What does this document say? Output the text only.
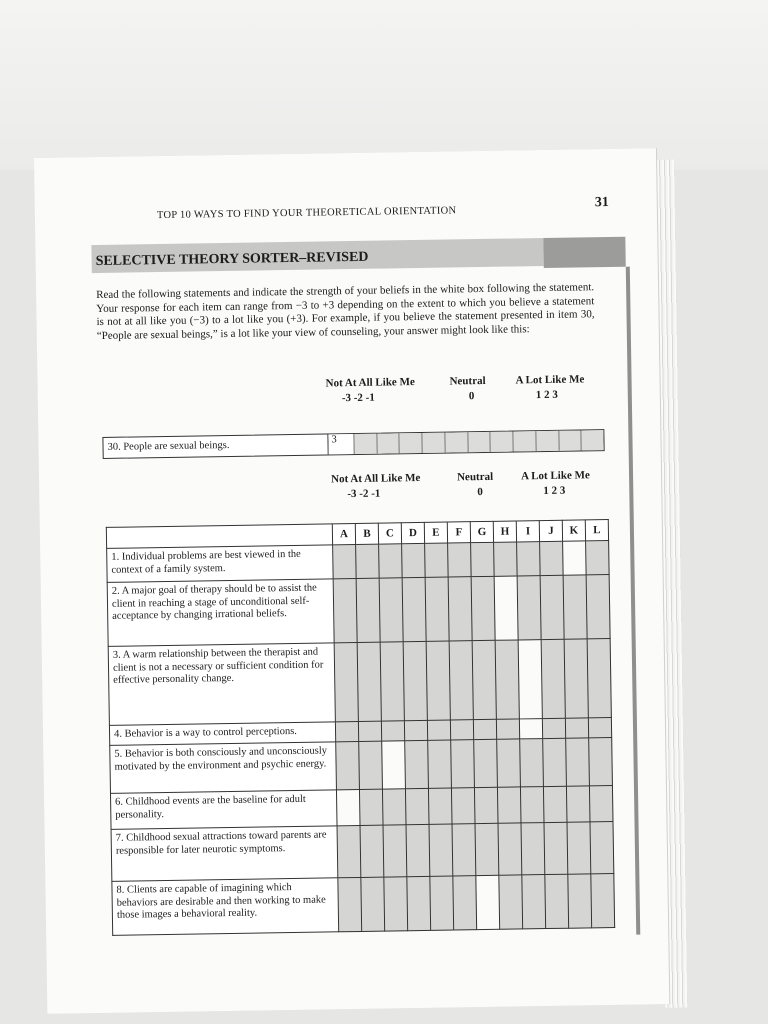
TOP 10 WAYS TO FIND YOUR THEORETICAL ORIENTATION
31
SELECTIVE THEORY SORTER–REVISED
Read the following statements and indicate the strength of your beliefs in the white box following the statement. Your response for each item can range from −3 to +3 depending on the extent to which you believe a statement is not at all like you (−3) to a lot like you (+3). For example, if you believe the statement presented in item 30, “People are sexual beings,” is a lot like your view of counseling, your answer might look like this:
Not At All Like Me	Neutral	A Lot Like Me
-3 -2 -1	0	1 2 3
30. People are sexual beings.
3
Not At All Like Me	Neutral	A Lot Like Me
-3 -2 -1	0	1 2 3
	A	B	C	D	E	F	G	H	I	J	K	L
1. Individual problems are best viewed in the context of a family system.												
2. A major goal of therapy should be to assist the client in reaching a stage of unconditional self-acceptance by changing irrational beliefs.												
3. A warm relationship between the therapist and client is not a necessary or sufficient condition for effective personality change.												
4. Behavior is a way to control perceptions.												
5. Behavior is both consciously and unconsciously motivated by the environment and psychic energy.												
6. Childhood events are the baseline for adult personality.												
7. Childhood sexual attractions toward parents are responsible for later neurotic symptoms.												
8. Clients are capable of imagining which behaviors are desirable and then working to make those images a behavioral reality.												
